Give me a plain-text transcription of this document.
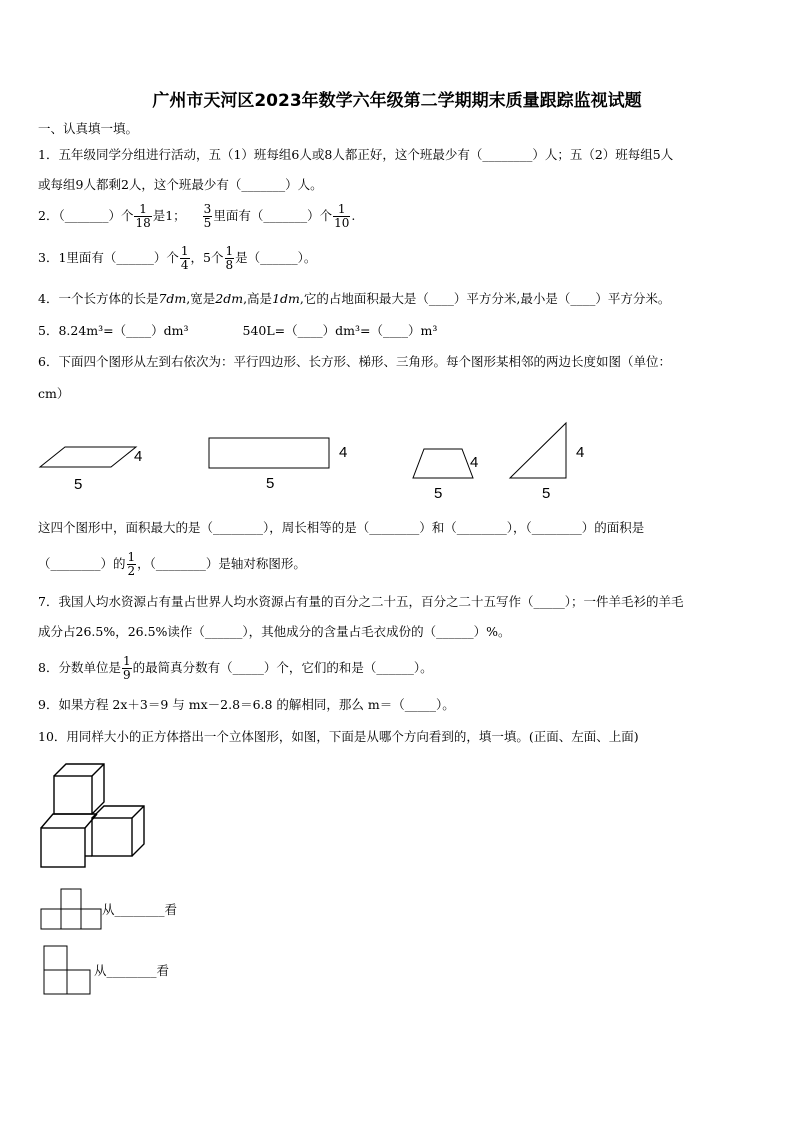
广州市天河区2023年数学六年级第二学期期末质量跟踪监视试题
一、认真填一填。
1．五年级同学分组进行活动，五（1）班每组6人或8人都正好，这个班最少有（________）人；五（2）班每组5人
或每组9人都剩2人，这个班最少有（_______）人。
2．（_______）个 $\frac{1}{18}$ 是1； $\frac{3}{5}$ 里面有（_______）个 $\frac{1}{10}$ .
3．1里面有（______）个 $\frac{1}{4}$ ，5个 $\frac{1}{8}$ 是（______）。
4．一个长方体的长是7dm,宽是2dm,高是1dm,它的占地面积最大是（____）平方分米,最小是（____）平方分米。
5．8.24m³=（____）dm³	540L=（____）dm³=（____）m³
6．下面四个图形从左到右依次为：平行四边形、长方形、梯形、三角形。每个图形某相邻的两边长度如图（单位：
cm）
4
5
4
5
4
5
4
5
这四个图形中，面积最大的是（________），周长相等的是（________）和（________），（________）的面积是
（________）的 $\frac{1}{2}$ ，（________）是轴对称图形。
7．我国人均水资源占有量占世界人均水资源占有量的百分之二十五，百分之二十五写作（_____）；一件羊毛衫的羊毛
成分占26.5%，26.5%读作（______），其他成分的含量占毛衣成份的（______）%。
8．分数单位是 $\frac{1}{9}$ 的最简真分数有（_____）个，它们的和是（______）。
9．如果方程 2x＋3＝9 与 mx－2.8＝6.8 的解相同，那么 m＝（_____）。
10．用同样大小的正方体搭出一个立体图形，如图，下面是从哪个方向看到的，填一填。(正面、左面、上面)
从________看
从________看
